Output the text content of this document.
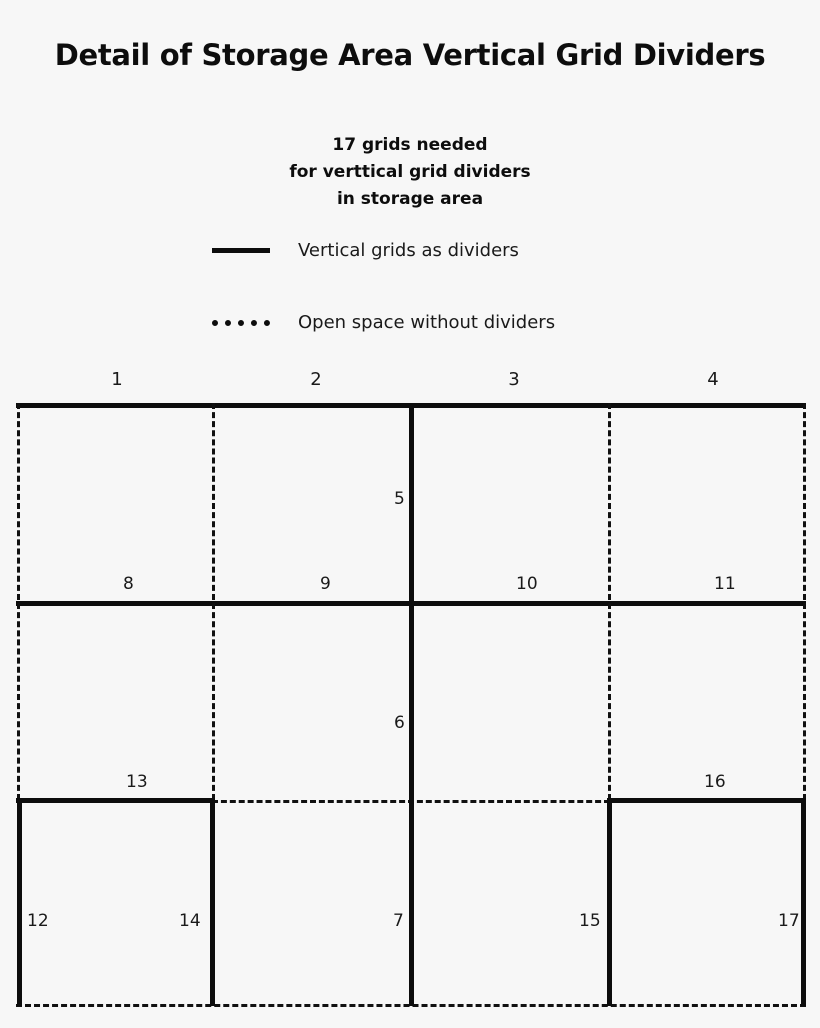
Detail of Storage Area Vertical Grid Dividers
17 grids needed
for verttical grid dividers
in storage area
Vertical grids as dividers
Open space without dividers
1	2	3	4
5
8	9	10	11
6
13	16
12	14	7	15	17
